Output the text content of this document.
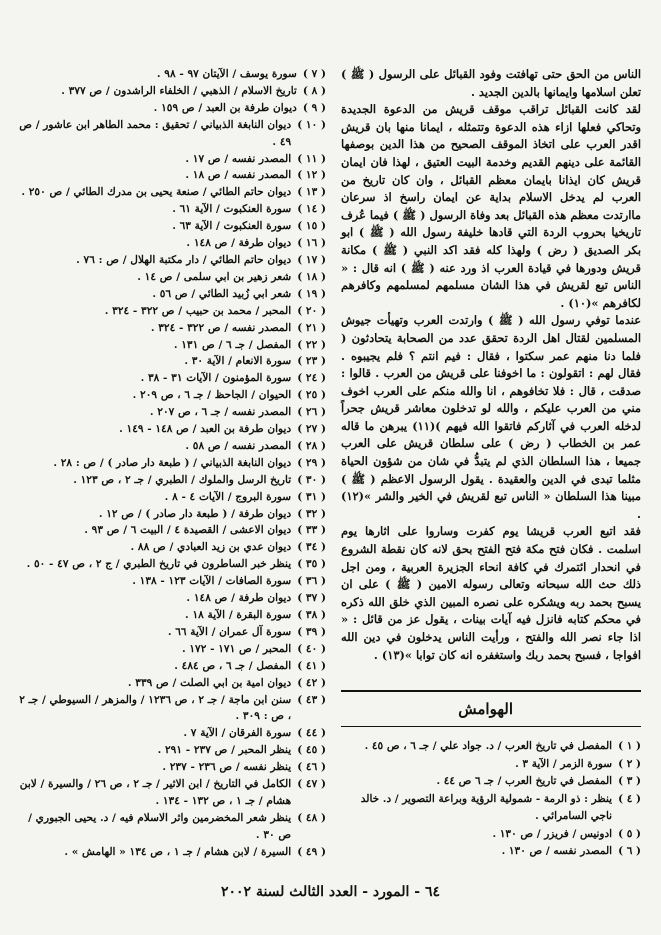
الناس من الحق حتى تهافتت وفود القبائل على الرسول ( ﷺ ) تعلن اسلامها وايمانها بالدين الجديد .

لقد كانت القبائل تراقب موقف قريش من الدعوة الجديدة وتحاكي فعلها ازاء هذه الدعوة وتتمثله ، ايمانا منها بان قريش اقدر العرب على اتخاذ الموقف الصحيح من هذا الدين بوصفها القائمة على دينهم القديم وخدمة البيت العتيق ، لهذا فان ايمان قريش كان ايذانا بايمان معظم القبائل ، وان كان تاريخ من العرب لم يدخل الاسلام بداية عن ايمان راسخ اذ سرعان ماارتدت معظم هذه القبائل بعد وفاة الرسول ( ﷺ ) فيما عُرف تاريخيا بحروب الردة التي قادها خليفة رسول الله ( ﷺ ) ابو بكر الصديق ( رض ) ولهذا كله فقد اكد النبي ( ﷺ ) مكانة قريش ودورها في قيادة العرب اذ ورد عنه ( ﷺ ) انه قال : « الناس تبع لقريش في هذا الشان مسلمهم لمسلمهم وكافرهم لكافرهم »(١٠) .

عندما توفي رسول الله ( ﷺ ) وارتدت العرب وتهيأت جيوش المسلمين لقتال اهل الردة تحقق عدد من الصحابة يتحادثون ( فلما دنا منهم عمر سكتوا ، فقال : فيم انتم ؟ فلم يجيبوه . فقال لهم : اتقولون : ما اخوفنا على قريش من العرب . قالوا : صدقت ، قال : فلا تخافوهم ، انا والله منكم على العرب اخوف مني من العرب عليكم ، والله لو تدخلون معاشر قريش جحراً لدخله العرب في آثاركم فاتقوا الله فيهم )(١١) يبرهن ما قاله عمر بن الخطاب ( رض ) على سلطان قريش على العرب جميعا ، هذا السلطان الذي لم يتبدُّ في شان من شؤون الحياة مثلما تبدى في الدين والعقيدة . يقول الرسول الاعظم ( ﷺ ) مبينا هذا السلطان « الناس تبع لقريش في الخير والشر »(١٢) .

فقد اتبع العرب قريشا يوم كفرت وساروا على اثارها يوم اسلمت . فكان فتح مكة فتح الفتح بحق لانه كان نقطة الشروع في انحدار ائتمرك في كافة انحاء الجزيرة العربية ، ومن اجل ذلك حث الله سبحانه وتعالى رسوله الامين ( ﷺ ) على ان يسبح بحمد ربه ويشكره على نصره المبين الذي خلق الله ذكره في محكم كتابه فانزل فيه آيات بينات ، يقول عز من قائل : « اذا جاء نصر الله والفتح ، ورأيت الناس يدخلون في دين الله افواجا ، فسبح بحمد ربك واستغفره انه كان توابا »(١٣) .

الهوامش
( ١ )
المفصل في تاريخ العرب / د. جواد علي / جـ ٦ ، ص ٤٥ .
( ٢ )
سورة الزمر / الآية ٣ .
( ٣ )
المفصل في تاريخ العرب / جـ ٦ ص ٤٤ .
( ٤ )
ينظر : ذو الرمة - شمولية الرؤية وبراعة التصوير / د. خالد ناجي السامرائي .
( ٥ )
ادونيس / فريزر / ص ١٣٠ .
( ٦ )
المصدر نفسه / ص ١٣٠ .
( ٧ )
سورة يوسف / الآيتان ٩٧ - ٩٨ .
( ٨ )
تاريخ الاسلام / الذهبي / الخلفاء الراشدون / ص ٣٧٧ .
( ٩ )
ديوان طرفة بن العبد / ص ١٥٩ .
( ١٠ )
ديوان النابغة الذبياني / تحقيق : محمد الطاهر ابن عاشور / ص ٤٩ .
( ١١ )
المصدر نفسه / ص ١٧ .
( ١٢ )
المصدر نفسه / ص ١٨ .
( ١٣ )
ديوان حاتم الطائي / صنعة يحيى بن مدرك الطائي / ص ٢٥٠ .
( ١٤ )
سورة العنكبوت / الآية ٦١ .
( ١٥ )
سورة العنكبوت / الآية ٦٣ .
( ١٦ )
ديوان طرفة / ص ١٤٨ .
( ١٧ )
ديوان حاتم الطائي / دار مكتبة الهلال / ص : ٧٦ .
( ١٨ )
شعر زهير بن ابي سلمى / ص ١٤ .
( ١٩ )
شعر ابي زُبيد الطائي / ص ٥٦ .
( ٢٠ )
المحبر / محمد بن حبيب / ص ٣٢٢ - ٣٢٤ .
( ٢١ )
المصدر نفسه / ص ٣٢٢ - ٣٢٤ .
( ٢٢ )
المفصل / جـ ٦ / ص ١٣١ .
( ٢٣ )
سورة الانعام / الآية ٣٠ .
( ٢٤ )
سورة المؤمنون / الآيات ٣١ - ٣٨ .
( ٢٥ )
الحيوان / الجاحظ / جـ ٦ ، ص ٢٠٩ .
( ٢٦ )
المصدر نفسه / جـ ٦ ، ص ٢٠٧ .
( ٢٧ )
ديوان طرفة بن العبد / ص ١٤٨ - ١٤٩ .
( ٢٨ )
المصدر نفسه / ص ٥٨ .
( ٢٩ )
ديوان النابغة الذبياني / ( طبعة دار صادر ) / ص : ٢٨ .
( ٣٠ )
تاريخ الرسل والملوك / الطبري / جـ ٢ ، ص ١٢٣ .
( ٣١ )
سورة البروج / الآيات ٤ - ٨ .
( ٣٢ )
ديوان طرفة / ( طبعة دار صادر ) / ص ١٢ .
( ٣٣ )
ديوان الاعشى / القصيدة ٤ / البيت ٦ / ص ٩٣ .
( ٣٤ )
ديوان عدي بن زيد العبادي / ص ٨٨ .
( ٣٥ )
ينظر خبر الساطرون في تاريخ الطبري / ج ٢ ، ص ٤٧ - ٥٠ .
( ٣٦ )
سورة الصافات / الآيات ١٢٣ - ١٣٨ .
( ٣٧ )
ديوان طرفة / ص ١٤٨ .
( ٣٨ )
سورة البقرة / الآية ١٨ .
( ٣٩ )
سورة آل عمران / الآية ٦٦ .
( ٤٠ )
المحبر / ص ١٧١ - ١٧٢ .
( ٤١ )
المفصل / جـ ٦ ، ص ٤٨٤ .
( ٤٢ )
ديوان امية بن ابي الصلت / ص ٣٣٩ .
( ٤٣ )
سنن ابن ماجة / جـ ٢ ، ص ١٢٣٦ / والمزهر / السيوطي / جـ ٢ ، ص : ٣٠٩ .
( ٤٤ )
سورة الفرقان / الآية ٧ .
( ٤٥ )
ينظر المحبر / ص ٢٣٧ - ٢٩١ .
( ٤٦ )
ينظر نفسه / ص ٢٣٦ - ٢٣٧ .
( ٤٧ )
الكامل في التاريخ / ابن الاثير / جـ ٢ ، ص ٢٦ / والسيرة / لابن هشام / جـ ١ ، ص ١٣٢ - ١٣٤ .
( ٤٨ )
ينظر شعر المخضرمين واثر الاسلام فيه / د. يحيى الجبوري / ص ٣٠ .
( ٤٩ )
السيرة / لابن هشام / جـ ١ ، ص ١٣٤ « الهامش » .
٦٤ - المورد - العدد الثالث لسنة ٢٠٠٢
